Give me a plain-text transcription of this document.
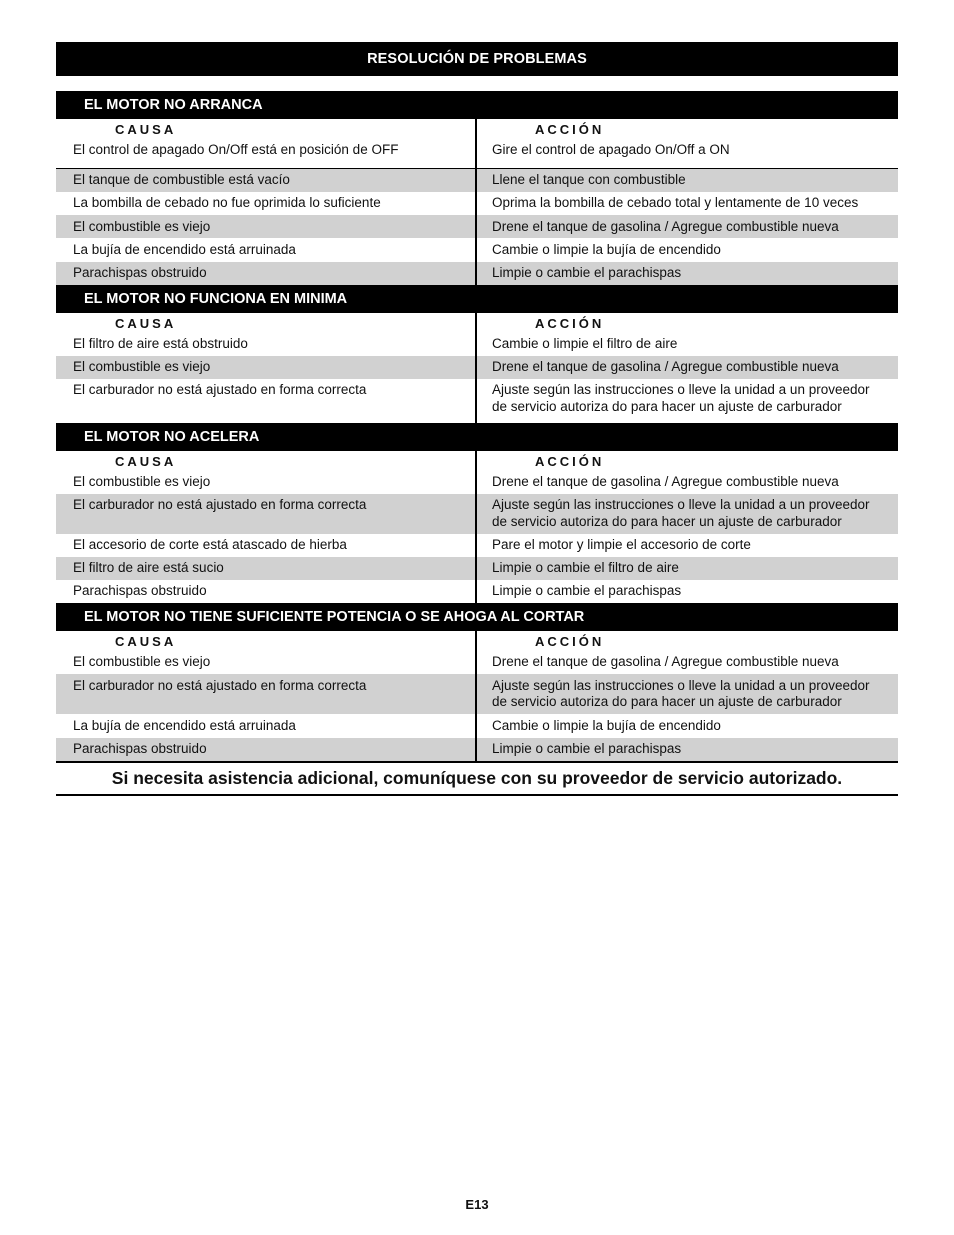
RESOLUCIÓN DE PROBLEMAS
EL MOTOR NO ARRANCA
CAUSA	ACCIÓN
El control de apagado On/Off está en posición de OFF	Gire el control de apagado On/Off a ON
El tanque de combustible está vacío	Llene el tanque con combustible
La bombilla de cebado no fue oprimida lo suficiente	Oprima la bombilla de cebado total y lentamente de 10 veces
El combustible es viejo	Drene el tanque de gasolina / Agregue combustible nueva
La bujía de encendido está arruinada	Cambie o limpie la bujía de encendido
Parachispas obstruido	Limpie o cambie el parachispas
EL MOTOR NO FUNCIONA EN MINIMA
CAUSA	ACCIÓN
El filtro de aire está obstruido	Cambie o limpie el filtro de aire
El combustible es viejo	Drene el tanque de gasolina / Agregue combustible nueva
El carburador no está ajustado en forma correcta	Ajuste según las instrucciones o lleve la unidad a un proveedor de servicio autoriza do para hacer un ajuste de carburador
EL MOTOR NO ACELERA
CAUSA	ACCIÓN
El combustible es viejo	Drene el tanque de gasolina / Agregue combustible nueva
El carburador no está ajustado en forma correcta	Ajuste según las instrucciones o lleve la unidad a un proveedor de servicio autoriza do para hacer un ajuste de carburador
El accesorio de corte está atascado de hierba	Pare el motor y limpie el accesorio de corte
El filtro de aire está sucio	Limpie o cambie el filtro de aire
Parachispas obstruido	Limpie o cambie el parachispas
EL MOTOR NO TIENE SUFICIENTE POTENCIA O SE AHOGA AL CORTAR
CAUSA	ACCIÓN
El combustible es viejo	Drene el tanque de gasolina / Agregue combustible nueva
El carburador no está ajustado en forma correcta	Ajuste según las instrucciones o lleve la unidad a un proveedor de servicio autoriza do para hacer un ajuste de carburador
La bujía de encendido está arruinada	Cambie o limpie la bujía de encendido
Parachispas obstruido	Limpie o cambie el parachispas
Si necesita asistencia adicional, comuníquese con su proveedor de servicio autorizado.
E13
